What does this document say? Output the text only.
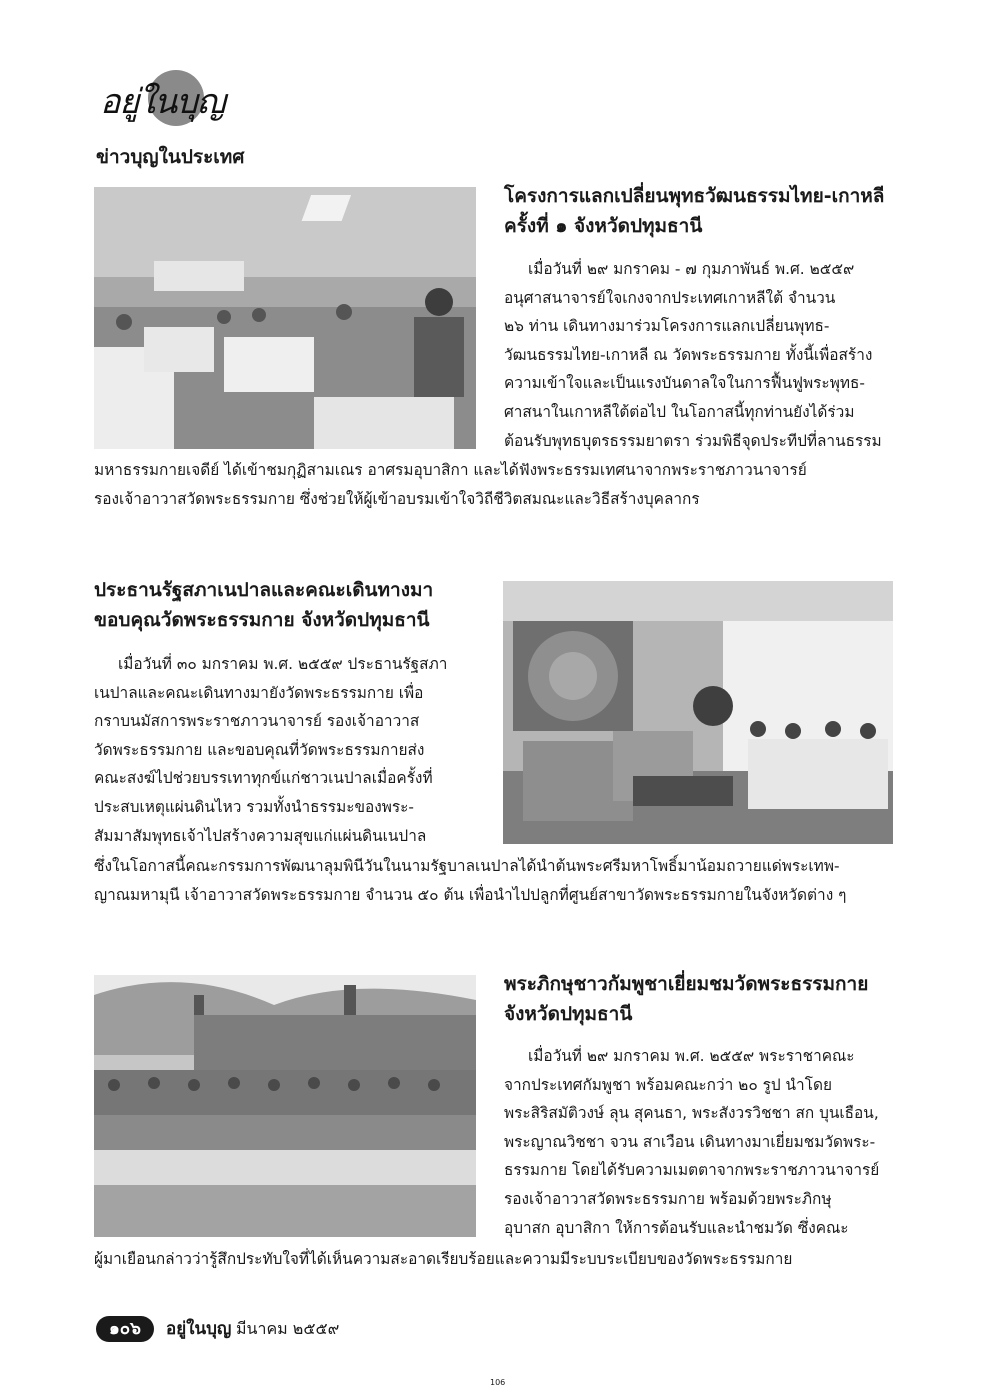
อยู่ในบุญ
ข่าวบุญในประเทศ
โครงการแลกเปลี่ยนพุทธวัฒนธรรมไทย-เกาหลี
ครั้งที่ ๑ จังหวัดปทุมธานี
เมื่อวันที่ ๒๙ มกราคม - ๗ กุมภาพันธ์ พ.ศ. ๒๕๕๙
อนุศาสนาจารย์ใจเกงจากประเทศเกาหลีใต้ จำนวน
๒๖ ท่าน เดินทางมาร่วมโครงการแลกเปลี่ยนพุทธ-
วัฒนธรรมไทย-เกาหลี ณ วัดพระธรรมกาย ทั้งนี้เพื่อสร้าง
ความเข้าใจและเป็นแรงบันดาลใจในการฟื้นฟูพระพุทธ-
ศาสนาในเกาหลีใต้ต่อไป ในโอกาสนี้ทุกท่านยังได้ร่วม
ต้อนรับพุทธบุตรธรรมยาตรา ร่วมพิธีจุดประทีปที่ลานธรรม
มหาธรรมกายเจดีย์ ได้เข้าชมกุฏิสามเณร อาศรมอุบาสิกา และได้ฟังพระธรรมเทศนาจากพระราชภาวนาจารย์
รองเจ้าอาวาสวัดพระธรรมกาย ซึ่งช่วยให้ผู้เข้าอบรมเข้าใจวิถีชีวิตสมณะและวิธีสร้างบุคลากร
ประธานรัฐสภาเนปาลและคณะเดินทางมา
ขอบคุณวัดพระธรรมกาย จังหวัดปทุมธานี
เมื่อวันที่ ๓๐ มกราคม พ.ศ. ๒๕๕๙ ประธานรัฐสภา
เนปาลและคณะเดินทางมายังวัดพระธรรมกาย เพื่อ
กราบนมัสการพระราชภาวนาจารย์ รองเจ้าอาวาส
วัดพระธรรมกาย และขอบคุณที่วัดพระธรรมกายส่ง
คณะสงฆ์ไปช่วยบรรเทาทุกข์แก่ชาวเนปาลเมื่อครั้งที่
ประสบเหตุแผ่นดินไหว รวมทั้งนำธรรมะของพระ-
สัมมาสัมพุทธเจ้าไปสร้างความสุขแก่แผ่นดินเนปาล
ซึ่งในโอกาสนี้คณะกรรมการพัฒนาลุมพินีวันในนามรัฐบาลเนปาลได้นำต้นพระศรีมหาโพธิ์มาน้อมถวายแด่พระเทพ-
ญาณมหามุนี เจ้าอาวาสวัดพระธรรมกาย จำนวน ๕๐ ต้น เพื่อนำไปปลูกที่ศูนย์สาขาวัดพระธรรมกายในจังหวัดต่าง ๆ
พระภิกษุชาวกัมพูชาเยี่ยมชมวัดพระธรรมกาย
จังหวัดปทุมธานี
เมื่อวันที่ ๒๙ มกราคม พ.ศ. ๒๕๕๙ พระราชาคณะ
จากประเทศกัมพูชา พร้อมคณะกว่า ๒๐ รูป นำโดย
พระสิริสมัติวงษ์ ลุน สุคนธา, พระสังวรวิชชา สก บุนเธือน,
พระญาณวิชชา จวน สาเวือน เดินทางมาเยี่ยมชมวัดพระ-
ธรรมกาย โดยได้รับความเมตตาจากพระราชภาวนาจารย์
รองเจ้าอาวาสวัดพระธรรมกาย พร้อมด้วยพระภิกษุ
อุบาสก อุบาสิกา ให้การต้อนรับและนำชมวัด ซึ่งคณะ
ผู้มาเยือนกล่าวว่ารู้สึกประทับใจที่ได้เห็นความสะอาดเรียบร้อยและความมีระบบระเบียบของวัดพระธรรมกาย
๑๐๖	อยู่ในบุญ มีนาคม ๒๕๕๙
106
